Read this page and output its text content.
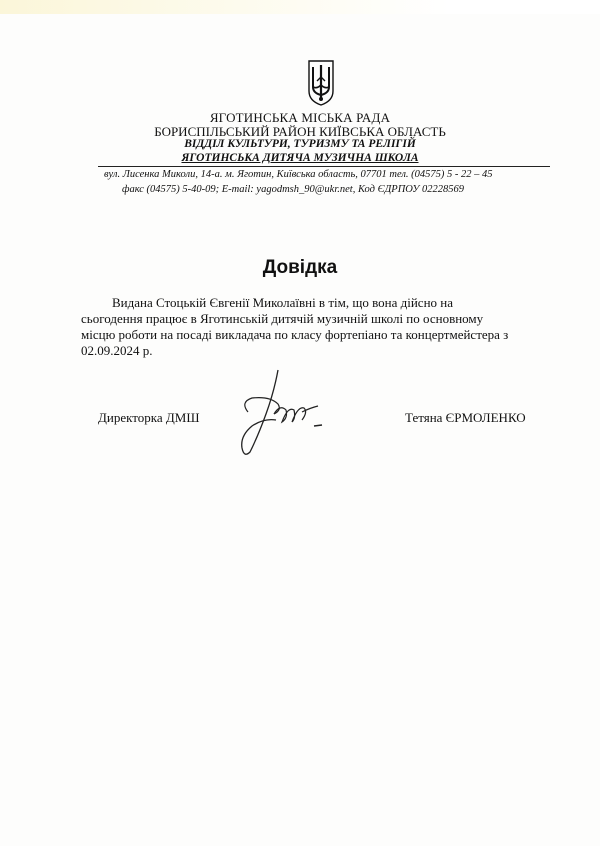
ЯГОТИНСЬКА МІСЬКА РАДА
БОРИСПІЛЬСЬКИЙ РАЙОН КИЇВСЬКА ОБЛАСТЬ
ВІДДІЛ КУЛЬТУРИ, ТУРИЗМУ ТА РЕЛІГІЙ
ЯГОТИНСЬКА ДИТЯЧА МУЗИЧНА ШКОЛА
вул. Лисенка Миколи, 14-а. м. Яготин, Київська область, 07701 тел. (04575) 5 - 22 – 45
факс (04575) 5-40-09; E-mail: yagodmsh_90@ukr.net, Код ЄДРПОУ 02228569
Довідка
Видана Стоцькій Євгенії Миколаївні в тім, що вона дійсно на
сьогодення працює в Яготинській дитячій музичній школі по основному
місцю роботи на посаді викладача по класу фортепіано та концертмейстера з
02.09.2024 р.
Директорка ДМШ	Тетяна ЄРМОЛЕНКО
